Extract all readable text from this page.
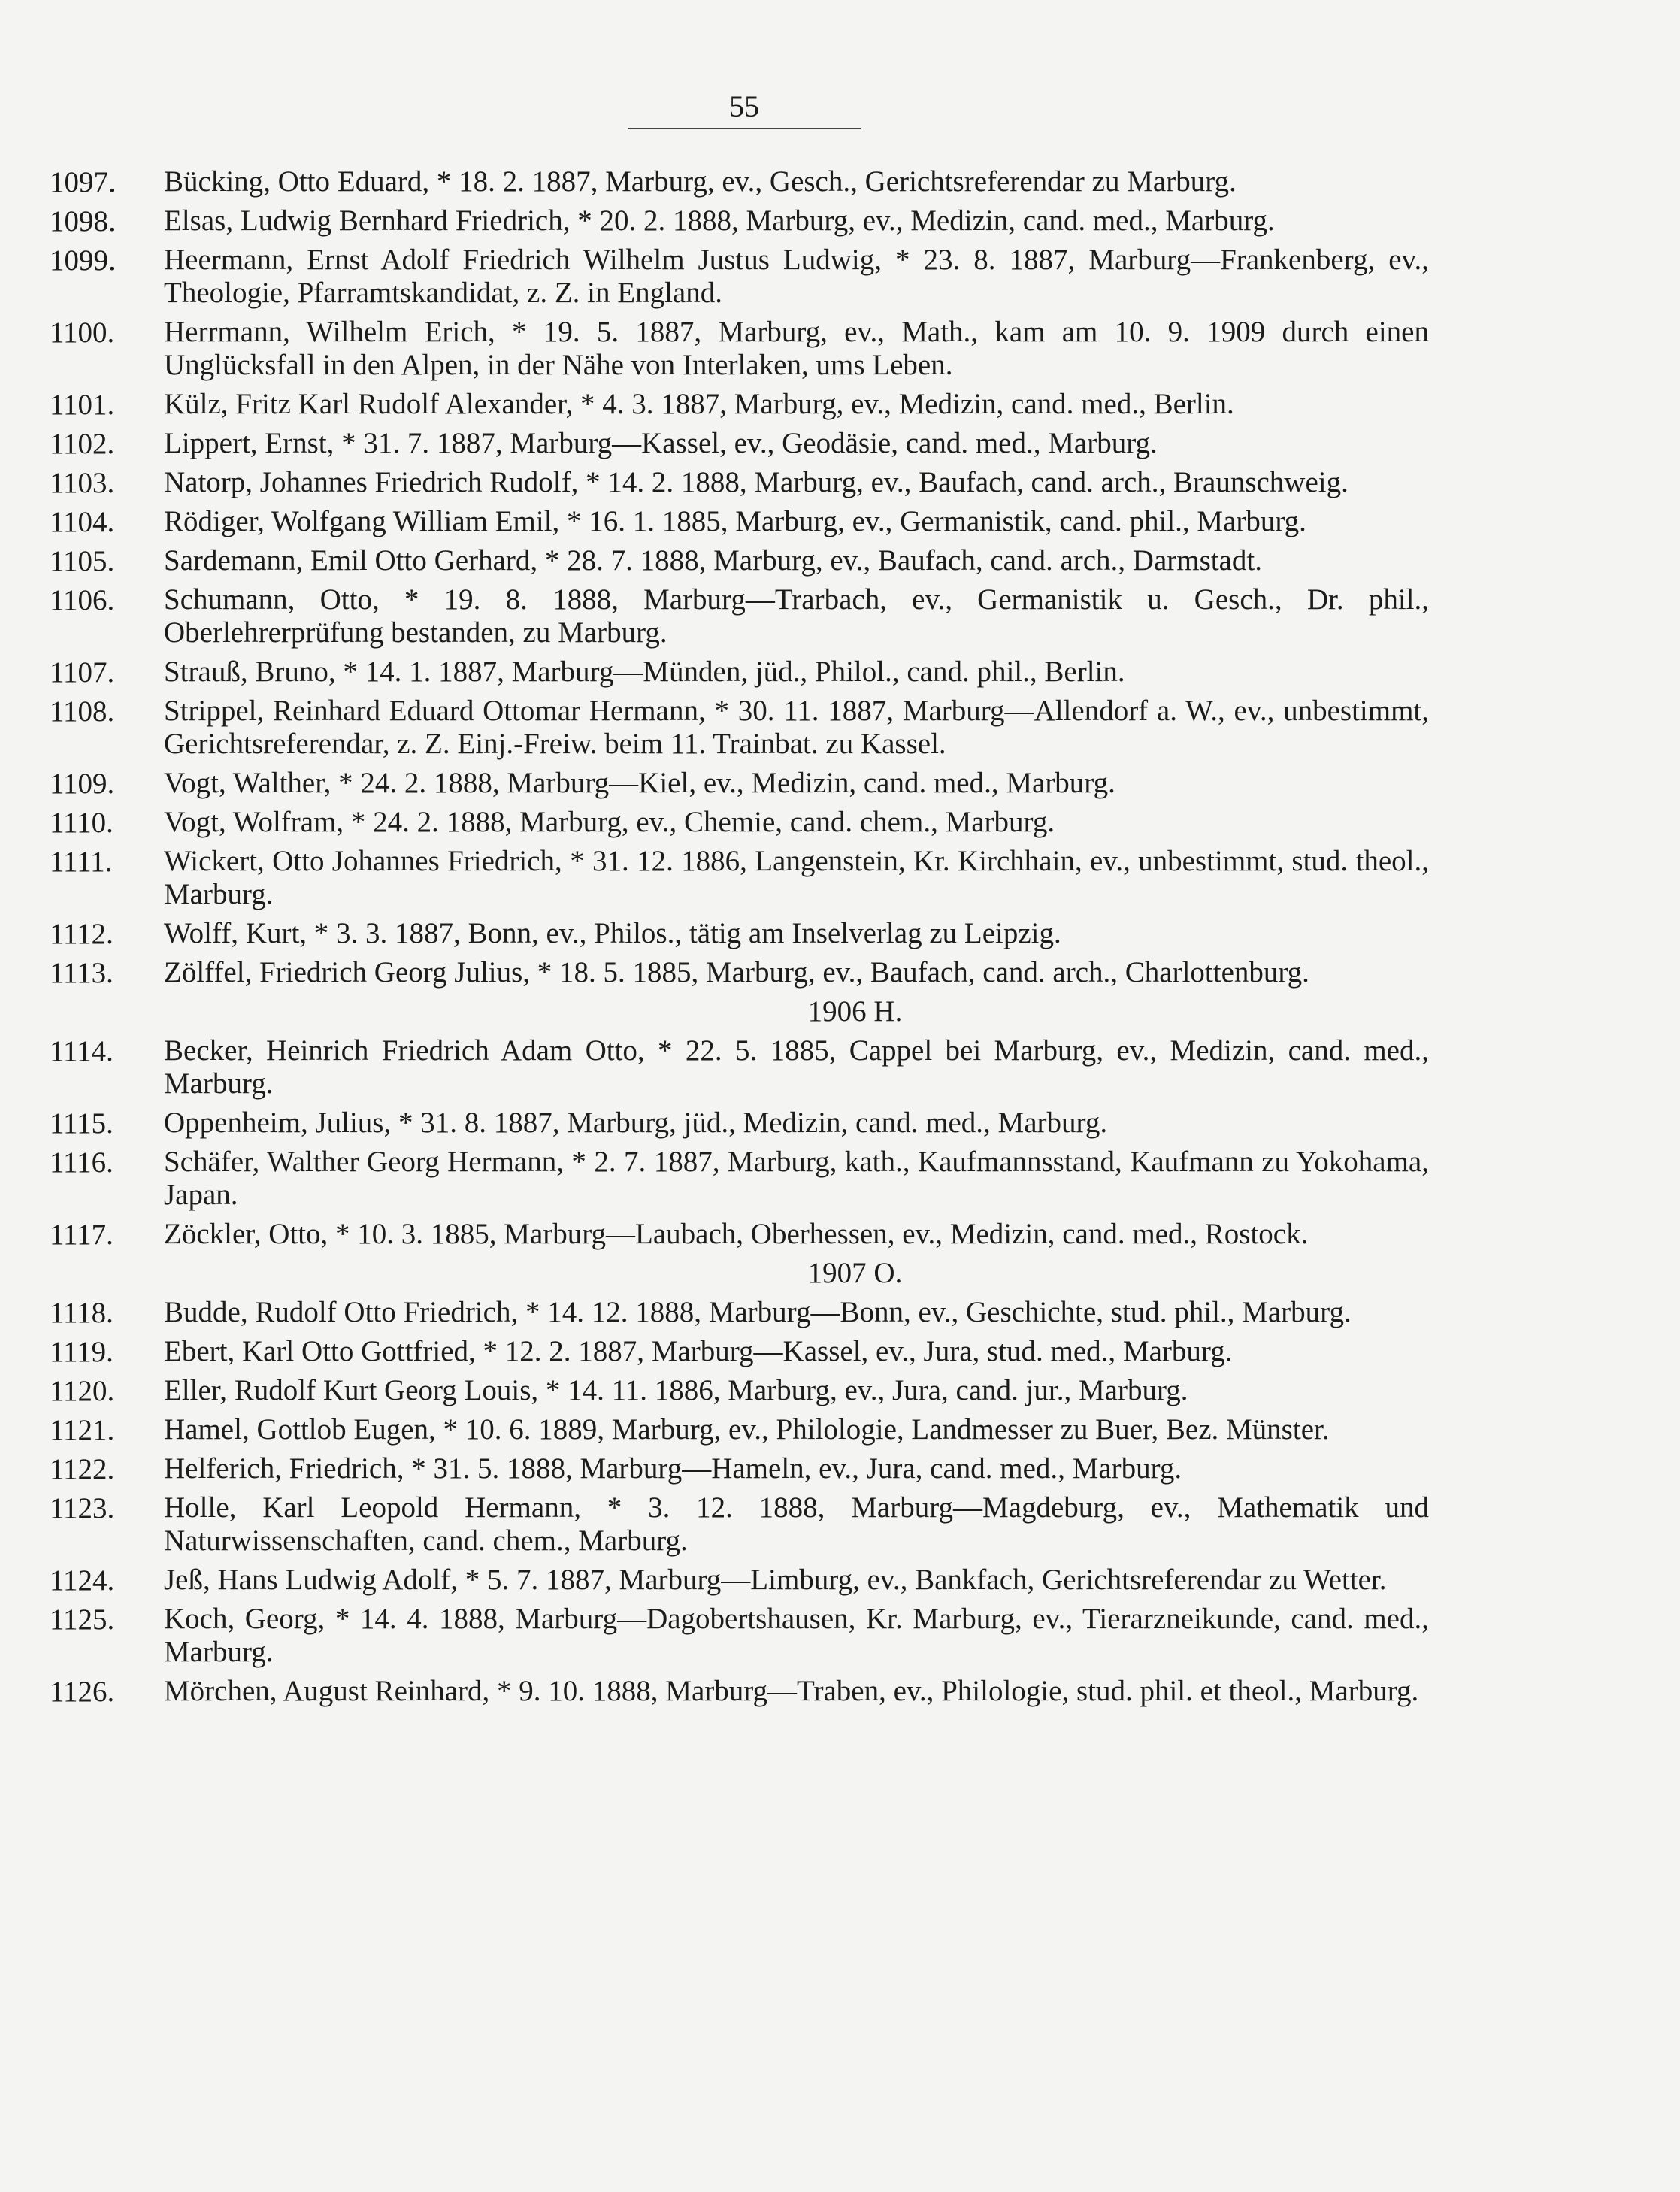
55
1097.	Bücking, Otto Eduard, * 18. 2. 1887, Marburg, ev., Gesch., Gerichtsreferendar zu Marburg.
1098.	Elsas, Ludwig Bernhard Friedrich, * 20. 2. 1888, Marburg, ev., Medizin, cand. med., Marburg.
1099.	Heermann, Ernst Adolf Friedrich Wilhelm Justus Ludwig, * 23. 8. 1887, Marburg—Frankenberg, ev., Theologie, Pfarramtskandidat, z. Z. in England.
1100.	Herrmann, Wilhelm Erich, * 19. 5. 1887, Marburg, ev., Math., kam am 10. 9. 1909 durch einen Unglücksfall in den Alpen, in der Nähe von Interlaken, ums Leben.
1101.	Külz, Fritz Karl Rudolf Alexander, * 4. 3. 1887, Marburg, ev., Medizin, cand. med., Berlin.
1102.	Lippert, Ernst, * 31. 7. 1887, Marburg—Kassel, ev., Geodäsie, cand. med., Marburg.
1103.	Natorp, Johannes Friedrich Rudolf, * 14. 2. 1888, Marburg, ev., Baufach, cand. arch., Braunschweig.
1104.	Rödiger, Wolfgang William Emil, * 16. 1. 1885, Marburg, ev., Germanistik, cand. phil., Marburg.
1105.	Sardemann, Emil Otto Gerhard, * 28. 7. 1888, Marburg, ev., Baufach, cand. arch., Darmstadt.
1106.	Schumann, Otto, * 19. 8. 1888, Marburg—Trarbach, ev., Germanistik u. Gesch., Dr. phil., Oberlehrerprüfung bestanden, zu Marburg.
1107.	Strauß, Bruno, * 14. 1. 1887, Marburg—Münden, jüd., Philol., cand. phil., Berlin.
1108.	Strippel, Reinhard Eduard Ottomar Hermann, * 30. 11. 1887, Marburg—Allendorf a. W., ev., unbestimmt, Gerichtsreferendar, z. Z. Einj.-Freiw. beim 11. Trainbat. zu Kassel.
1109.	Vogt, Walther, * 24. 2. 1888, Marburg—Kiel, ev., Medizin, cand. med., Marburg.
1110.	Vogt, Wolfram, * 24. 2. 1888, Marburg, ev., Chemie, cand. chem., Marburg.
1111.	Wickert, Otto Johannes Friedrich, * 31. 12. 1886, Langenstein, Kr. Kirchhain, ev., unbestimmt, stud. theol., Marburg.
1112.	Wolff, Kurt, * 3. 3. 1887, Bonn, ev., Philos., tätig am Inselverlag zu Leipzig.
1113.	Zölffel, Friedrich Georg Julius, * 18. 5. 1885, Marburg, ev., Baufach, cand. arch., Charlottenburg.
1906 H.
1114.	Becker, Heinrich Friedrich Adam Otto, * 22. 5. 1885, Cappel bei Marburg, ev., Medizin, cand. med., Marburg.
1115.	Oppenheim, Julius, * 31. 8. 1887, Marburg, jüd., Medizin, cand. med., Marburg.
1116.	Schäfer, Walther Georg Hermann, * 2. 7. 1887, Marburg, kath., Kaufmannsstand, Kaufmann zu Yokohama, Japan.
1117.	Zöckler, Otto, * 10. 3. 1885, Marburg—Laubach, Oberhessen, ev., Medizin, cand. med., Rostock.
1907 O.
1118.	Budde, Rudolf Otto Friedrich, * 14. 12. 1888, Marburg—Bonn, ev., Geschichte, stud. phil., Marburg.
1119.	Ebert, Karl Otto Gottfried, * 12. 2. 1887, Marburg—Kassel, ev., Jura, stud. med., Marburg.
1120.	Eller, Rudolf Kurt Georg Louis, * 14. 11. 1886, Marburg, ev., Jura, cand. jur., Marburg.
1121.	Hamel, Gottlob Eugen, * 10. 6. 1889, Marburg, ev., Philologie, Landmesser zu Buer, Bez. Münster.
1122.	Helferich, Friedrich, * 31. 5. 1888, Marburg—Hameln, ev., Jura, cand. med., Marburg.
1123.	Holle, Karl Leopold Hermann, * 3. 12. 1888, Marburg—Magdeburg, ev., Mathematik und Naturwissenschaften, cand. chem., Marburg.
1124.	Jeß, Hans Ludwig Adolf, * 5. 7. 1887, Marburg—Limburg, ev., Bankfach, Gerichtsreferendar zu Wetter.
1125.	Koch, Georg, * 14. 4. 1888, Marburg—Dagobertshausen, Kr. Marburg, ev., Tierarzneikunde, cand. med., Marburg.
1126.	Mörchen, August Reinhard, * 9. 10. 1888, Marburg—Traben, ev., Philologie, stud. phil. et theol., Marburg.
